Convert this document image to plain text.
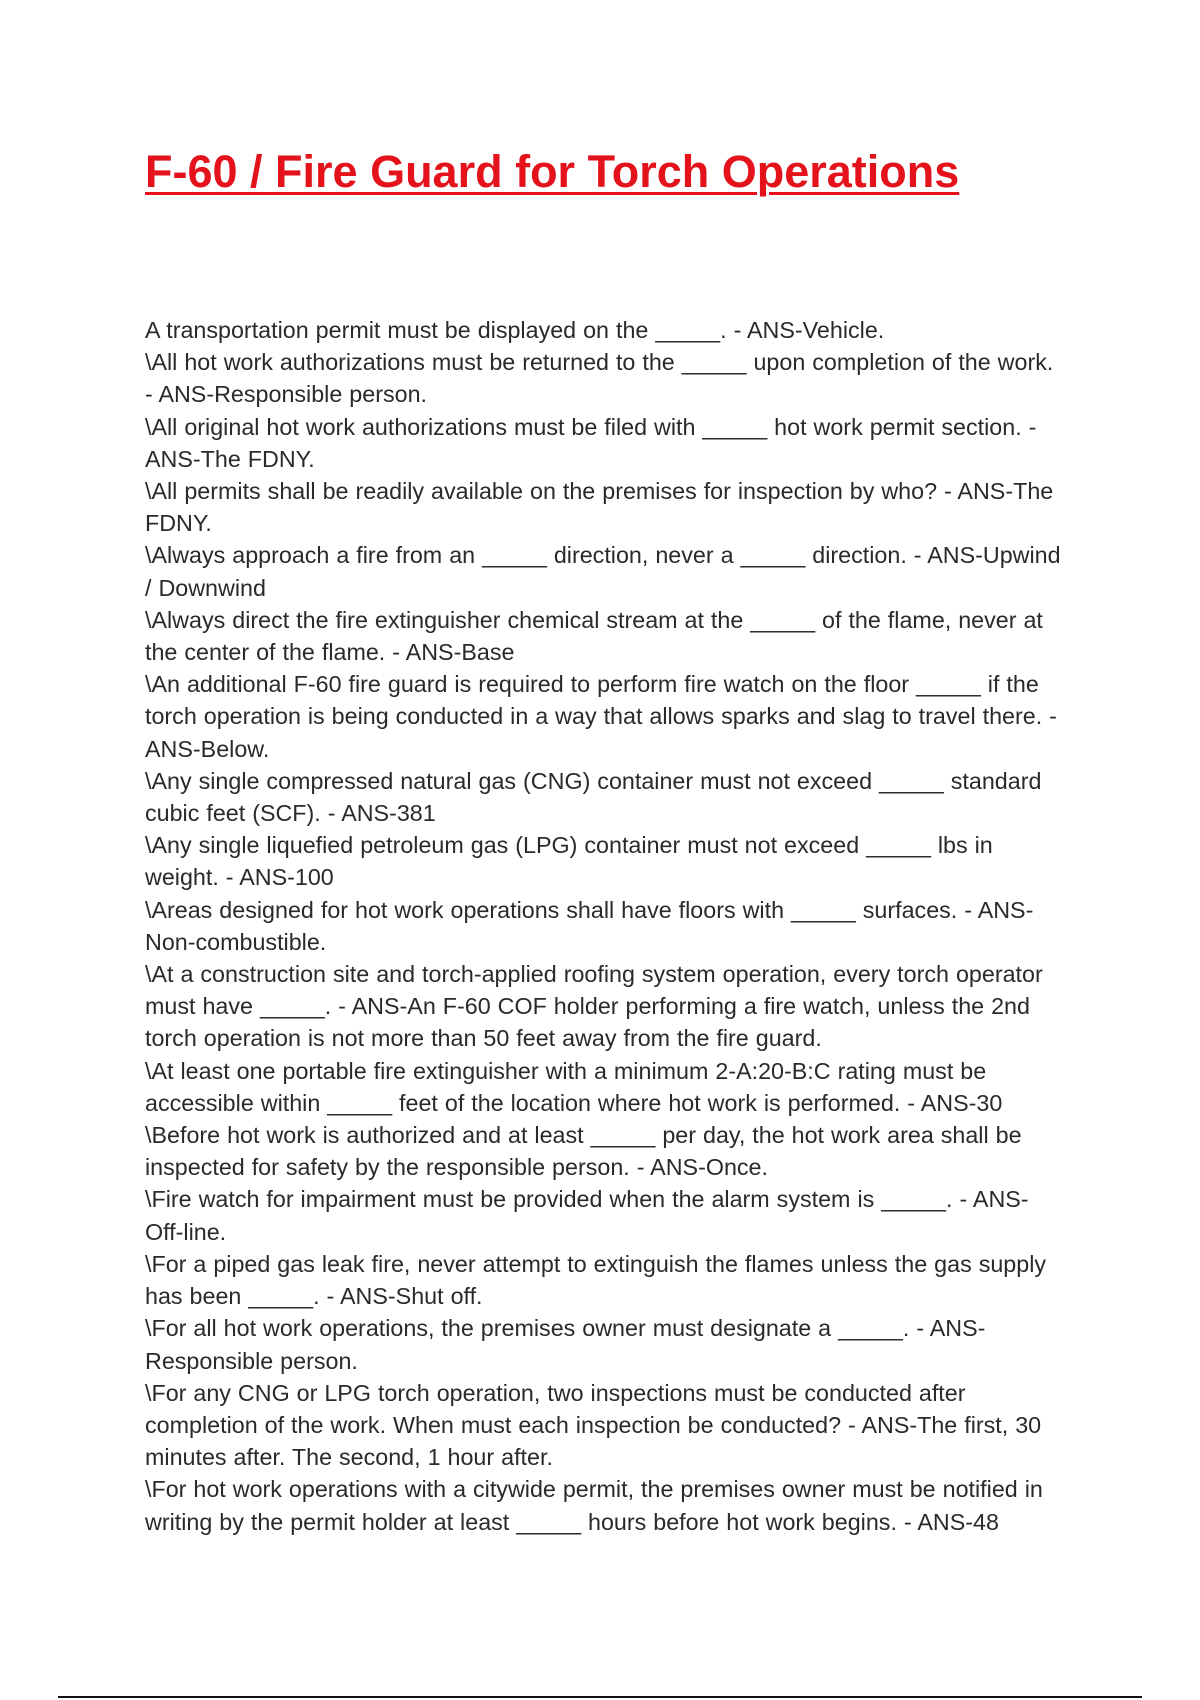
F-60 / Fire Guard for Torch Operations
A transportation permit must be displayed on the _____. - ANS-Vehicle.
\All hot work authorizations must be returned to the _____ upon completion of the work. - ANS-Responsible person.
\All original hot work authorizations must be filed with _____ hot work permit section. - ANS-The FDNY.
\All permits shall be readily available on the premises for inspection by who? - ANS-The FDNY.
\Always approach a fire from an _____ direction, never a _____ direction. - ANS-Upwind / Downwind
\Always direct the fire extinguisher chemical stream at the _____ of the flame, never at the center of the flame. - ANS-Base
\An additional F-60 fire guard is required to perform fire watch on the floor _____ if the torch operation is being conducted in a way that allows sparks and slag to travel there. - ANS-Below.
\Any single compressed natural gas (CNG) container must not exceed _____ standard cubic feet (SCF). - ANS-381
\Any single liquefied petroleum gas (LPG) container must not exceed _____ lbs in weight. - ANS-100
\Areas designed for hot work operations shall have floors with _____ surfaces. - ANS-Non-combustible.
\At a construction site and torch-applied roofing system operation, every torch operator must have _____. - ANS-An F-60 COF holder performing a fire watch, unless the 2nd torch operation is not more than 50 feet away from the fire guard.
\At least one portable fire extinguisher with a minimum 2-A:20-B:C rating must be accessible within _____ feet of the location where hot work is performed. - ANS-30
\Before hot work is authorized and at least _____ per day, the hot work area shall be inspected for safety by the responsible person. - ANS-Once.
\Fire watch for impairment must be provided when the alarm system is _____. - ANS-Off-line.
\For a piped gas leak fire, never attempt to extinguish the flames unless the gas supply has been _____. - ANS-Shut off.
\For all hot work operations, the premises owner must designate a _____. - ANS-Responsible person.
\For any CNG or LPG torch operation, two inspections must be conducted after completion of the work. When must each inspection be conducted? - ANS-The first, 30 minutes after. The second, 1 hour after.
\For hot work operations with a citywide permit, the premises owner must be notified in writing by the permit holder at least _____ hours before hot work begins. - ANS-48
